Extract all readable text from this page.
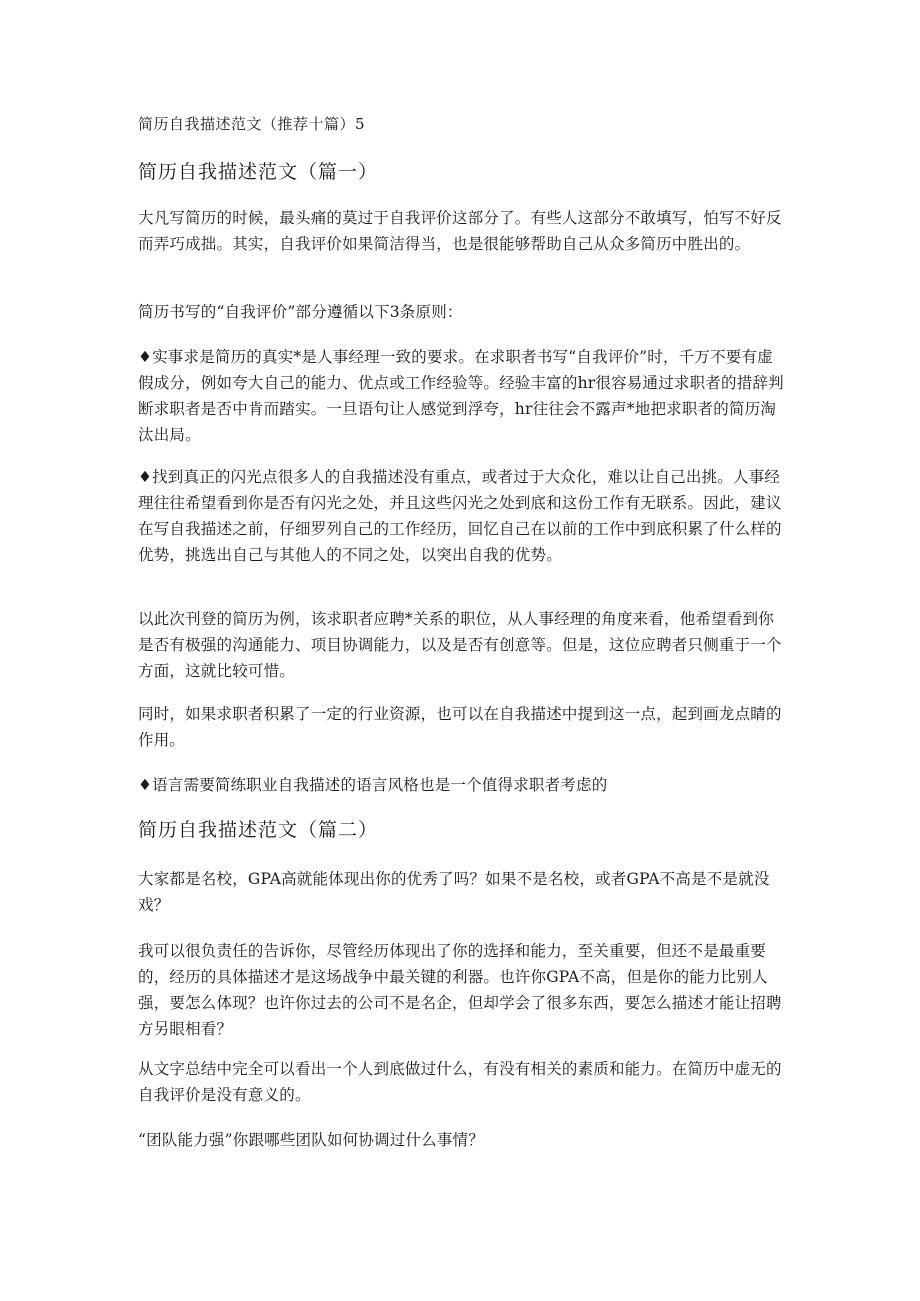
简历自我描述范文（推荐十篇）5
简历自我描述范文（篇一）
大凡写简历的时候，最头痛的莫过于自我评价这部分了。有些人这部分不敢填写，怕写不好反而弄巧成拙。其实，自我评价如果简洁得当，也是很能够帮助自己从众多简历中胜出的。
简历书写的“自我评价”部分遵循以下3条原则：
♦实事求是简历的真实*是人事经理一致的要求。在求职者书写“自我评价”时，千万不要有虚假成分，例如夸大自己的能力、优点或工作经验等。经验丰富的hr很容易通过求职者的措辞判断求职者是否中肯而踏实。一旦语句让人感觉到浮夸，hr往往会不露声*地把求职者的简历淘汰出局。
♦找到真正的闪光点很多人的自我描述没有重点，或者过于大众化，难以让自己出挑。人事经理往往希望看到你是否有闪光之处，并且这些闪光之处到底和这份工作有无联系。因此，建议在写自我描述之前，仔细罗列自己的工作经历，回忆自己在以前的工作中到底积累了什么样的优势，挑选出自己与其他人的不同之处，以突出自我的优势。
以此次刊登的简历为例，该求职者应聘*关系的职位，从人事经理的角度来看，他希望看到你是否有极强的沟通能力、项目协调能力，以及是否有创意等。但是，这位应聘者只侧重于一个方面，这就比较可惜。
同时，如果求职者积累了一定的行业资源，也可以在自我描述中提到这一点，起到画龙点睛的作用。
♦语言需要简练职业自我描述的语言风格也是一个值得求职者考虑的
简历自我描述范文（篇二）
大家都是名校，GPA高就能体现出你的优秀了吗？如果不是名校，或者GPA不高是不是就没戏？
我可以很负责任的告诉你，尽管经历体现出了你的选择和能力，至关重要，但还不是最重要的，经历的具体描述才是这场战争中最关键的利器。也许你GPA不高，但是你的能力比别人强，要怎么体现？也许你过去的公司不是名企，但却学会了很多东西，要怎么描述才能让招聘方另眼相看？
从文字总结中完全可以看出一个人到底做过什么，有没有相关的素质和能力。在简历中虚无的自我评价是没有意义的。
“团队能力强”你跟哪些团队如何协调过什么事情？
